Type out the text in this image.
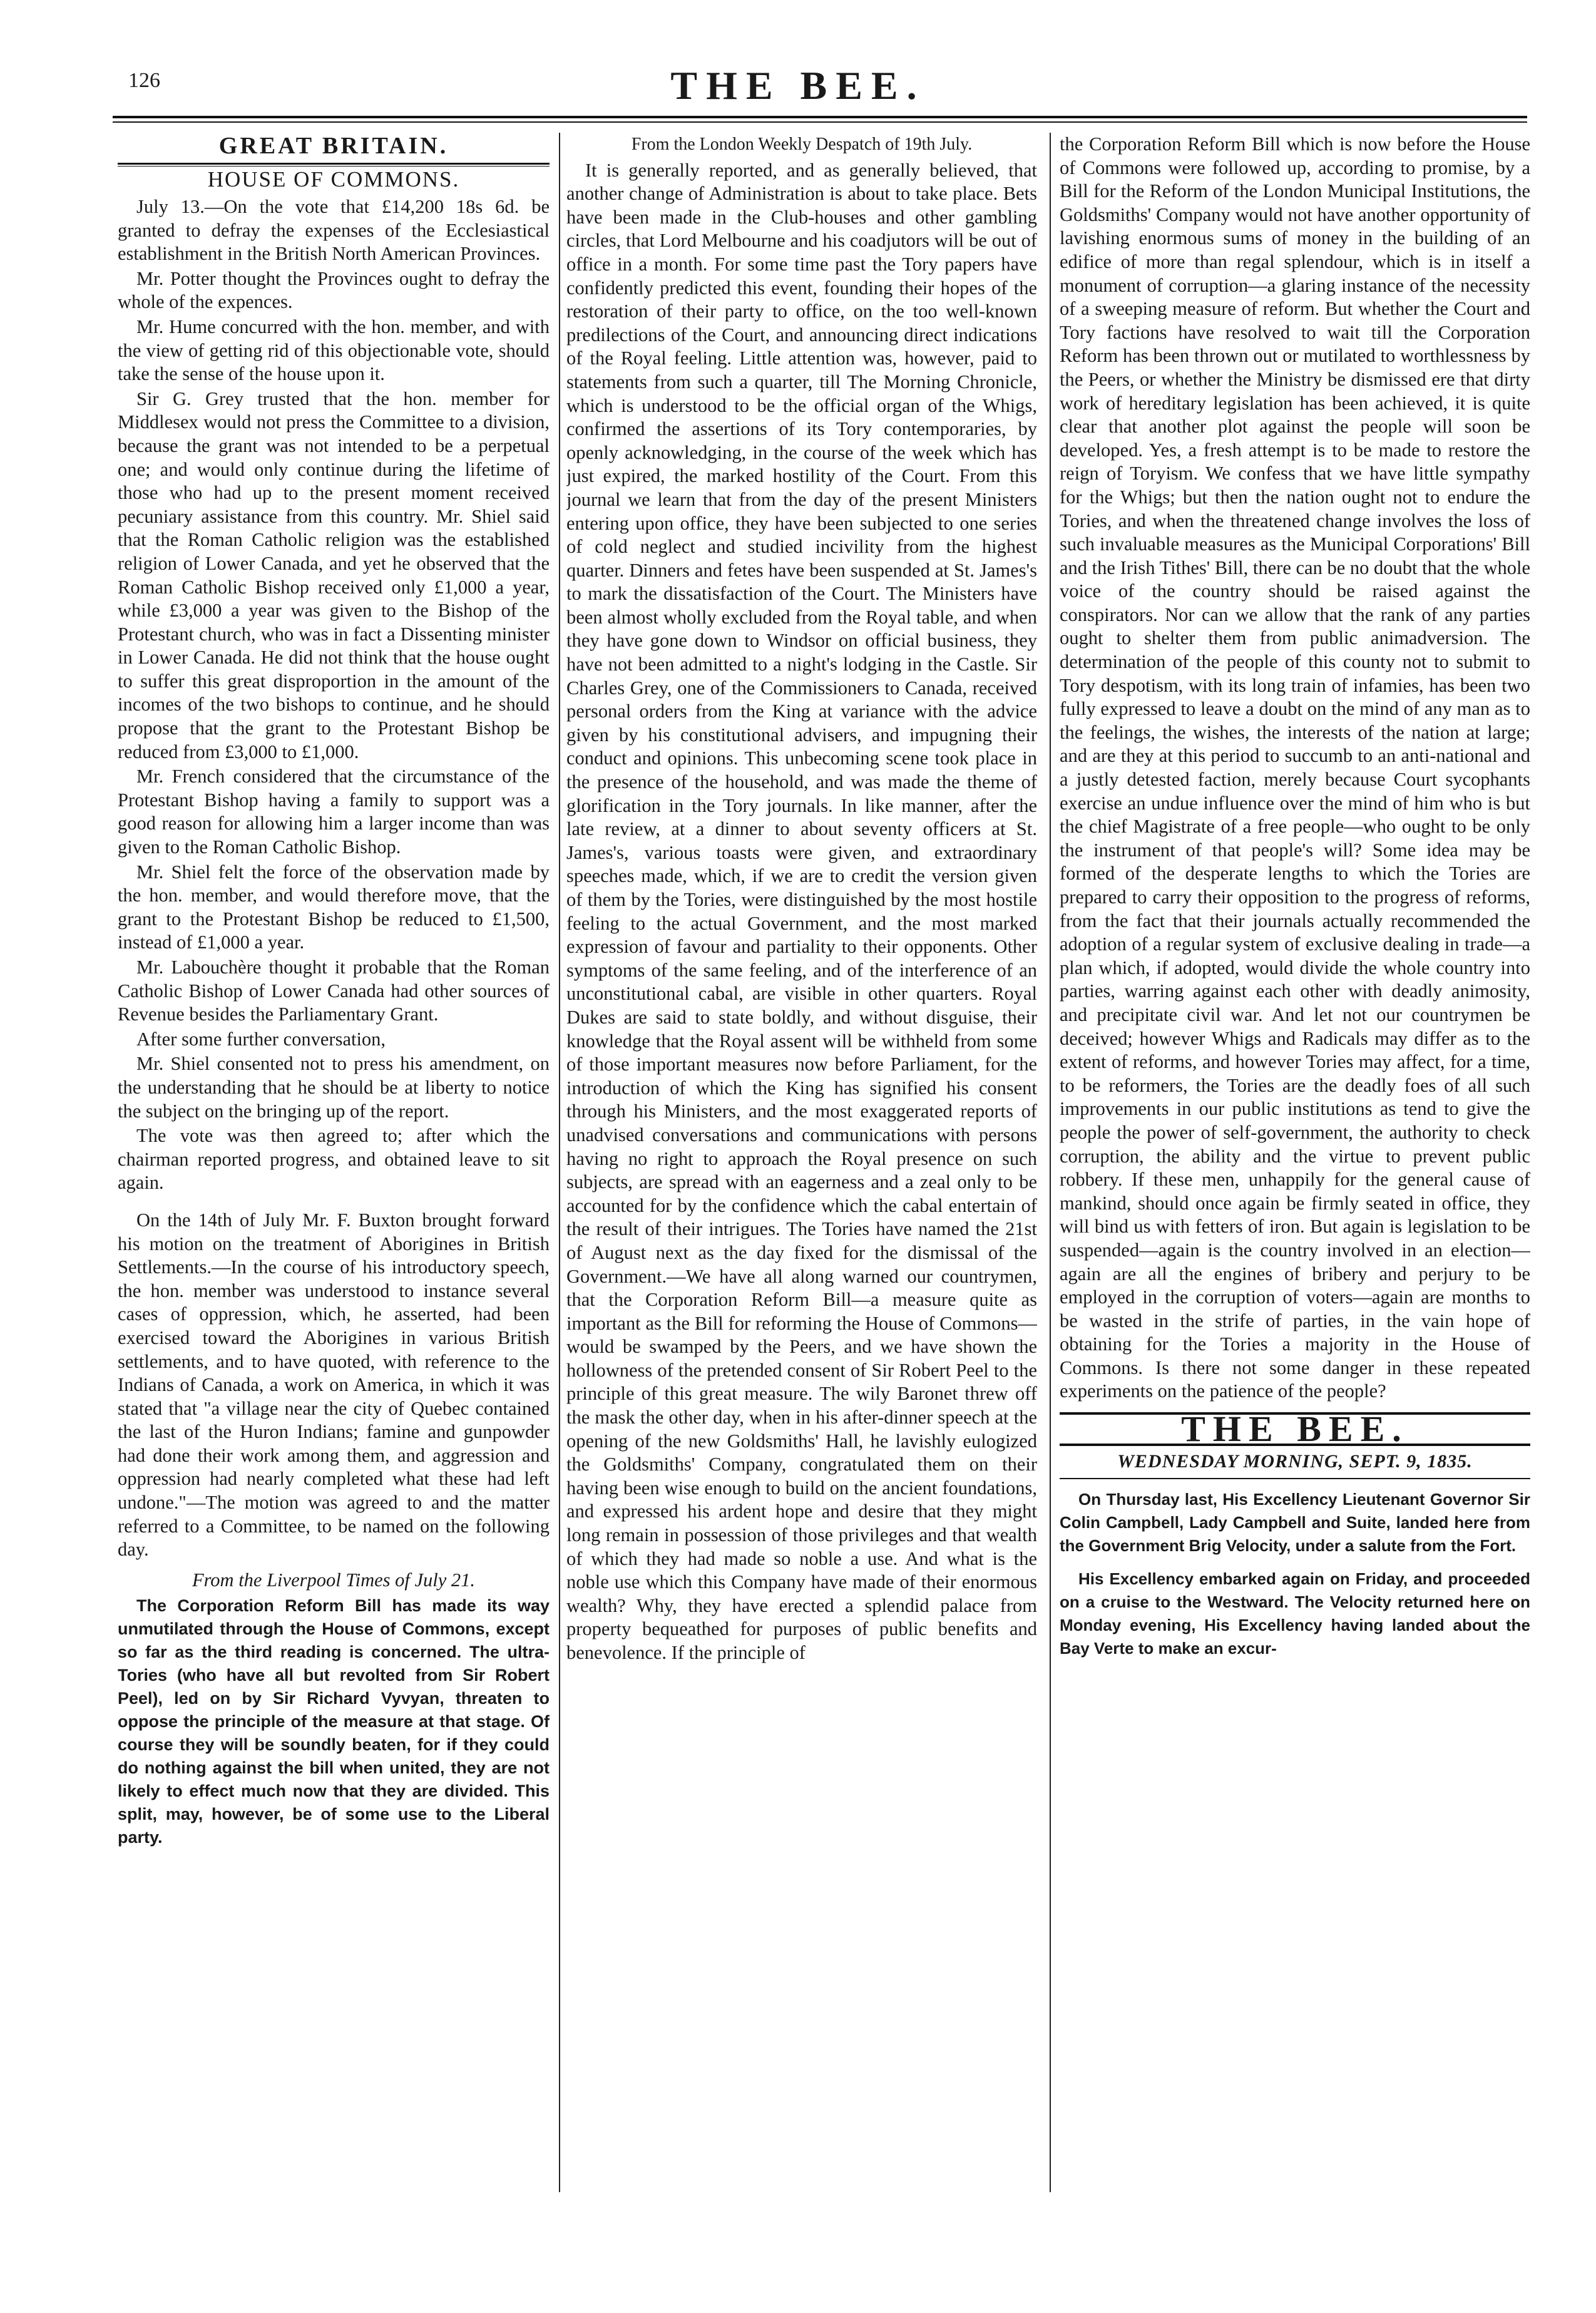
126	THE BEE.
GREAT BRITAIN.
HOUSE OF COMMONS.

July 13.—On the vote that £14,200 18s 6d. be granted to defray the expenses of the Ecclesiastical establishment in the British North American Provinces.

Mr. Potter thought the Provinces ought to defray the whole of the expences.

Mr. Hume concurred with the hon. member, and with the view of getting rid of this objectionable vote, should take the sense of the house upon it.

Sir G. Grey trusted that the hon. member for Middlesex would not press the Committee to a division, because the grant was not intended to be a perpetual one; and would only continue during the lifetime of those who had up to the present moment received pecuniary assistance from this country. Mr. Shiel said that the Roman Catholic religion was the established religion of Lower Canada, and yet he observed that the Roman Catholic Bishop received only £1,000 a year, while £3,000 a year was given to the Bishop of the Protestant church, who was in fact a Dissenting minister in Lower Canada. He did not think that the house ought to suffer this great disproportion in the amount of the incomes of the two bishops to continue, and he should propose that the grant to the Protestant Bishop be reduced from £3,000 to £1,000.

Mr. French considered that the circumstance of the Protestant Bishop having a family to support was a good reason for allowing him a larger income than was given to the Roman Catholic Bishop.

Mr. Shiel felt the force of the observation made by the hon. member, and would therefore move, that the grant to the Protestant Bishop be reduced to £1,500, instead of £1,000 a year.

Mr. Labouchère thought it probable that the Roman Catholic Bishop of Lower Canada had other sources of Revenue besides the Parliamentary Grant.

After some further conversation,

Mr. Shiel consented not to press his amendment, on the understanding that he should be at liberty to notice the subject on the bringing up of the report.

The vote was then agreed to; after which the chairman reported progress, and obtained leave to sit again.

On the 14th of July Mr. F. Buxton brought forward his motion on the treatment of Aborigines in British Settlements.—In the course of his introductory speech, the hon. member was understood to instance several cases of oppression, which, he asserted, had been exercised toward the Aborigines in various British settlements, and to have quoted, with reference to the Indians of Canada, a work on America, in which it was stated that "a village near the city of Quebec contained the last of the Huron Indians; famine and gunpowder had done their work among them, and aggression and oppression had nearly completed what these had left undone."—The motion was agreed to and the matter referred to a Committee, to be named on the following day.

From the Liverpool Times of July 21.

The Corporation Reform Bill has made its way unmutilated through the House of Commons, except so far as the third reading is concerned. The ultra-Tories (who have all but revolted from Sir Robert Peel), led on by Sir Richard Vyvyan, threaten to oppose the principle of the measure at that stage. Of course they will be soundly beaten, for if they could do nothing against the bill when united, they are not likely to effect much now that they are divided. This split, may, however, be of some use to the Liberal party.

From the London Weekly Despatch of 19th July.

It is generally reported, and as generally believed, that another change of Administration is about to take place. Bets have been made in the Club-houses and other gambling circles, that Lord Melbourne and his coadjutors will be out of office in a month. For some time past the Tory papers have confidently predicted this event, founding their hopes of the restoration of their party to office, on the too well-known predilections of the Court, and announcing direct indications of the Royal feeling. Little attention was, however, paid to statements from such a quarter, till The Morning Chronicle, which is understood to be the official organ of the Whigs, confirmed the assertions of its Tory contemporaries, by openly acknowledging, in the course of the week which has just expired, the marked hostility of the Court. From this journal we learn that from the day of the present Ministers entering upon office, they have been subjected to one series of cold neglect and studied incivility from the highest quarter. Dinners and fetes have been suspended at St. James's to mark the dissatisfaction of the Court. The Ministers have been almost wholly excluded from the Royal table, and when they have gone down to Windsor on official business, they have not been admitted to a night's lodging in the Castle. Sir Charles Grey, one of the Commissioners to Canada, received personal orders from the King at variance with the advice given by his constitutional advisers, and impugning their conduct and opinions. This unbecoming scene took place in the presence of the household, and was made the theme of glorification in the Tory journals. In like manner, after the late review, at a dinner to about seventy officers at St. James's, various toasts were given, and extraordinary speeches made, which, if we are to credit the version given of them by the Tories, were distinguished by the most hostile feeling to the actual Government, and the most marked expression of favour and partiality to their opponents. Other symptoms of the same feeling, and of the interference of an unconstitutional cabal, are visible in other quarters. Royal Dukes are said to state boldly, and without disguise, their knowledge that the Royal assent will be withheld from some of those important measures now before Parliament, for the introduction of which the King has signified his consent through his Ministers, and the most exaggerated reports of unadvised conversations and communications with persons having no right to approach the Royal presence on such subjects, are spread with an eagerness and a zeal only to be accounted for by the confidence which the cabal entertain of the result of their intrigues. The Tories have named the 21st of August next as the day fixed for the dismissal of the Government.—We have all along warned our countrymen, that the Corporation Reform Bill—a measure quite as important as the Bill for reforming the House of Commons—would be swamped by the Peers, and we have shown the hollowness of the pretended consent of Sir Robert Peel to the principle of this great measure. The wily Baronet threw off the mask the other day, when in his after-dinner speech at the opening of the new Goldsmiths' Hall, he lavishly eulogized the Goldsmiths' Company, congratulated them on their having been wise enough to build on the ancient foundations, and expressed his ardent hope and desire that they might long remain in possession of those privileges and that wealth of which they had made so noble a use. And what is the noble use which this Company have made of their enormous wealth? Why, they have erected a splendid palace from property bequeathed for purposes of public benefits and benevolence. If the principle of

the Corporation Reform Bill which is now before the House of Commons were followed up, according to promise, by a Bill for the Reform of the London Municipal Institutions, the Goldsmiths' Company would not have another opportunity of lavishing enormous sums of money in the building of an edifice of more than regal splendour, which is in itself a monument of corruption—a glaring instance of the necessity of a sweeping measure of reform. But whether the Court and Tory factions have resolved to wait till the Corporation Reform has been thrown out or mutilated to worthlessness by the Peers, or whether the Ministry be dismissed ere that dirty work of hereditary legislation has been achieved, it is quite clear that another plot against the people will soon be developed. Yes, a fresh attempt is to be made to restore the reign of Toryism. We confess that we have little sympathy for the Whigs; but then the nation ought not to endure the Tories, and when the threatened change involves the loss of such invaluable measures as the Municipal Corporations' Bill and the Irish Tithes' Bill, there can be no doubt that the whole voice of the country should be raised against the conspirators. Nor can we allow that the rank of any parties ought to shelter them from public animadversion. The determination of the people of this county not to submit to Tory despotism, with its long train of infamies, has been two fully expressed to leave a doubt on the mind of any man as to the feelings, the wishes, the interests of the nation at large; and are they at this period to succumb to an anti-national and a justly detested faction, merely because Court sycophants exercise an undue influence over the mind of him who is but the chief Magistrate of a free people—who ought to be only the instrument of that people's will? Some idea may be formed of the desperate lengths to which the Tories are prepared to carry their opposition to the progress of reforms, from the fact that their journals actually recommended the adoption of a regular system of exclusive dealing in trade—a plan which, if adopted, would divide the whole country into parties, warring against each other with deadly animosity, and precipitate civil war. And let not our countrymen be deceived; however Whigs and Radicals may differ as to the extent of reforms, and however Tories may affect, for a time, to be reformers, the Tories are the deadly foes of all such improvements in our public institutions as tend to give the people the power of self-government, the authority to check corruption, the ability and the virtue to prevent public robbery. If these men, unhappily for the general cause of mankind, should once again be firmly seated in office, they will bind us with fetters of iron. But again is legislation to be suspended—again is the country involved in an election—again are all the engines of bribery and perjury to be employed in the corruption of voters—again are months to be wasted in the strife of parties, in the vain hope of obtaining for the Tories a majority in the House of Commons. Is there not some danger in these repeated experiments on the patience of the people?

THE BEE.
WEDNESDAY MORNING, SEPT. 9, 1835.

On Thursday last, His Excellency Lieutenant Governor Sir Colin Campbell, Lady Campbell and Suite, landed here from the Government Brig Velocity, under a salute from the Fort.

His Excellency embarked again on Friday, and proceeded on a cruise to the Westward. The Velocity returned here on Monday evening, His Excellency having landed about the Bay Verte to make an excur-
